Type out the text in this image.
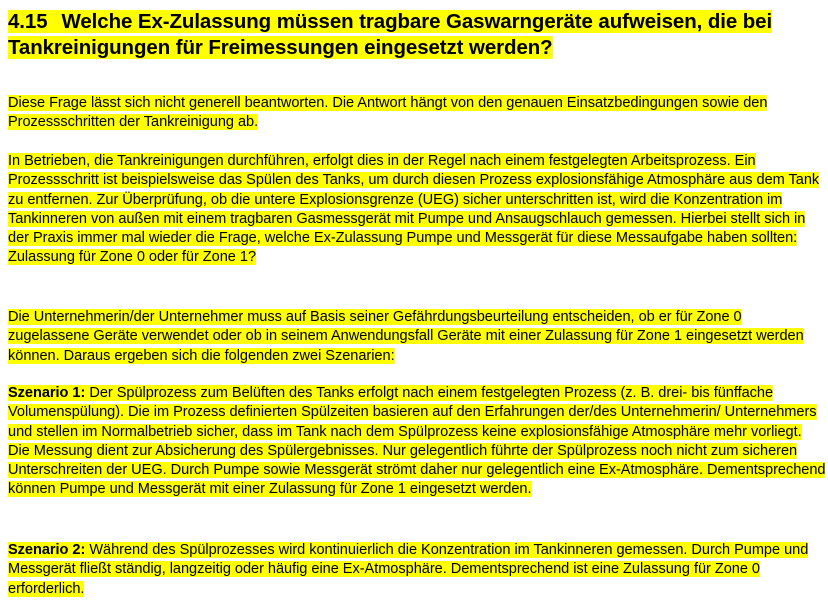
4.15 Welche Ex-Zulassung müssen tragbare Gaswarngeräte aufweisen, die bei Tankreinigungen für Freimessungen eingesetzt werden?

Diese Frage lässt sich nicht generell beantworten. Die Antwort hängt von den genauen Einsatzbedingungen sowie den Prozessschritten der Tankreinigung ab.

In Betrieben, die Tankreinigungen durchführen, erfolgt dies in der Regel nach einem festgelegten Arbeitsprozess. Ein Prozessschritt ist beispielsweise das Spülen des Tanks, um durch diesen Prozess explosionsfähige Atmosphäre aus dem Tank zu entfernen. Zur Überprüfung, ob die untere Explosionsgrenze (UEG) sicher unterschritten ist, wird die Konzentration im Tankinneren von außen mit einem tragbaren Gasmessgerät mit Pumpe und Ansaugschlauch gemessen. Hierbei stellt sich in der Praxis immer mal wieder die Frage, welche Ex-Zulassung Pumpe und Messgerät für diese Messaufgabe haben sollten: Zulassung für Zone 0 oder für Zone 1?

Die Unternehmerin/der Unternehmer muss auf Basis seiner Gefährdungsbeurteilung entscheiden, ob er für Zone 0 zugelassene Geräte verwendet oder ob in seinem Anwendungsfall Geräte mit einer Zulassung für Zone 1 eingesetzt werden können. Daraus ergeben sich die folgenden zwei Szenarien:

Szenario 1: Der Spülprozess zum Belüften des Tanks erfolgt nach einem festgelegten Prozess (z. B. drei- bis fünffache Volumenspülung). Die im Prozess definierten Spülzeiten basieren auf den Erfahrungen der/des Unternehmerin/ Unternehmers und stellen im Normalbetrieb sicher, dass im Tank nach dem Spülprozess keine explosionsfähige Atmosphäre mehr vorliegt. Die Messung dient zur Absicherung des Spülergebnisses. Nur gelegentlich führte der Spülprozess noch nicht zum sicheren Unterschreiten der UEG. Durch Pumpe sowie Messgerät strömt daher nur gelegentlich eine Ex-Atmosphäre. Dementsprechend können Pumpe und Messgerät mit einer Zulassung für Zone 1 eingesetzt werden.

Szenario 2: Während des Spülprozesses wird kontinuierlich die Konzentration im Tankinneren gemessen. Durch Pumpe und Messgerät fließt ständig, langzeitig oder häufig eine Ex-Atmosphäre. Dementsprechend ist eine Zulassung für Zone 0 erforderlich.
